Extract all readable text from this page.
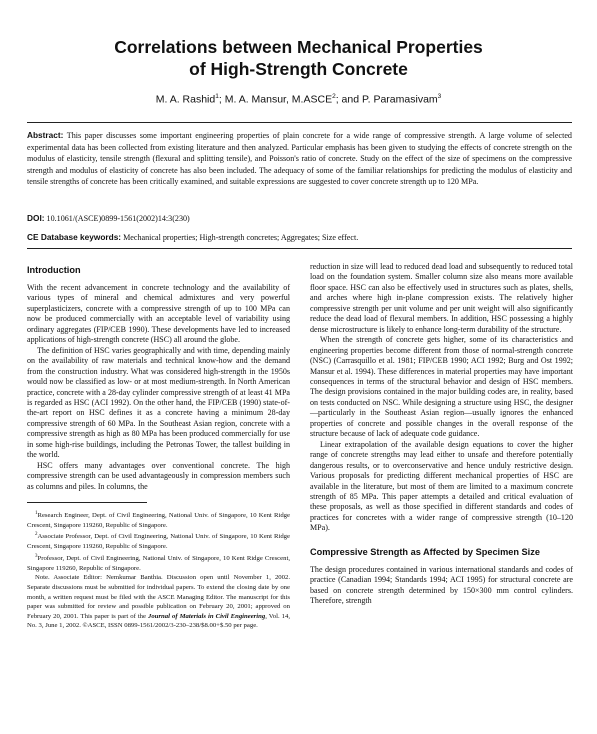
Correlations between Mechanical Properties
of High-Strength Concrete
M. A. Rashid$^1$; M. A. Mansur, M.ASCE$^2$; and P. Paramasivam$^3$
Abstract: This paper discusses some important engineering properties of plain concrete for a wide range of compressive strength. A large volume of selected experimental data has been collected from existing literature and then analyzed. Particular emphasis has been given to studying the effects of concrete strength on the modulus of elasticity, tensile strength (flexural and splitting tensile), and Poisson's ratio of concrete. Study on the effect of the size of specimens on the compressive strength and modulus of elasticity of concrete has also been included. The adequacy of some of the familiar relationships for predicting the modulus of elasticity and tensile strengths of concrete has been critically examined, and suitable expressions are suggested to cover concrete strength up to 120 MPa.
DOI: 10.1061/(ASCE)0899-1561(2002)14:3(230)
CE Database keywords: Mechanical properties; High-strength concretes; Aggregates; Size effect.
Introduction

With the recent advancement in concrete technology and the availability of various types of mineral and chemical admixtures and very powerful superplasticizers, concrete with a compressive strength of up to 100 MPa can now be produced commercially with an acceptable level of variability using ordinary aggregates (FIP/CEB 1990). These developments have led to increased applications of high-strength concrete (HSC) all around the globe.

The definition of HSC varies geographically and with time, depending mainly on the availability of raw materials and technical know-how and the demand from the construction industry. What was considered high-strength in the 1950s would now be classified as low- or at most medium-strength. In North American practice, concrete with a 28-day cylinder compressive strength of at least 41 MPa is regarded as HSC (ACI 1992). On the other hand, the FIP/CEB (1990) state-of-the-art report on HSC defines it as a concrete having a minimum 28-day compressive strength of 60 MPa. In the Southeast Asian region, concrete with a compressive strength as high as 80 MPa has been produced commercially for use in some high-rise buildings, including the Petronas Tower, the tallest building in the world.

HSC offers many advantages over conventional concrete. The high compressive strength can be used advantageously in compression members such as columns and piles. In columns, the

$^1$Research Engineer, Dept. of Civil Engineering, National Univ. of Singapore, 10 Kent Ridge Crescent, Singapore 119260, Republic of Singapore.

$^2$Associate Professor, Dept. of Civil Engineering, National Univ. of Singapore, 10 Kent Ridge Crescent, Singapore 119260, Republic of Singapore.

$^3$Professor, Dept. of Civil Engineering, National Univ. of Singapore, 10 Kent Ridge Crescent, Singapore 119260, Republic of Singapore.

Note. Associate Editor: Nemkumar Banthia. Discussion open until November 1, 2002. Separate discussions must be submitted for individual papers. To extend the closing date by one month, a written request must be filed with the ASCE Managing Editor. The manuscript for this paper was submitted for review and possible publication on February 20, 2001; approved on February 20, 2001. This paper is part of the Journal of Materials in Civil Engineering, Vol. 14, No. 3, June 1, 2002. ©ASCE, ISSN 0899-1561/2002/3-230–238/$8.00+$.50 per page.

reduction in size will lead to reduced dead load and subsequently to reduced total load on the foundation system. Smaller column size also means more available floor space. HSC can also be effectively used in structures such as plates, shells, and arches where high in-plane compression exists. The relatively higher compressive strength per unit volume and per unit weight will also significantly reduce the dead load of flexural members. In addition, HSC possessing a highly dense microstructure is likely to enhance long-term durability of the structure.

When the strength of concrete gets higher, some of its characteristics and engineering properties become different from those of normal-strength concrete (NSC) (Carrasquillo et al. 1981; FIP/CEB 1990; ACI 1992; Burg and Ost 1992; Mansur et al. 1994). These differences in material properties may have important consequences in terms of the structural behavior and design of HSC members. The design provisions contained in the major building codes are, in reality, based on tests conducted on NSC. While designing a structure using HSC, the designer—particularly in the Southeast Asian region—usually ignores the enhanced properties of concrete and possible changes in the overall response of the structure because of lack of adequate code guidance.

Linear extrapolation of the available design equations to cover the higher range of concrete strengths may lead either to unsafe and therefore potentially dangerous results, or to overconservative and hence unduly restrictive design. Various proposals for predicting different mechanical properties of HSC are available in the literature, but most of them are limited to a maximum concrete strength of 85 MPa. This paper attempts a detailed and critical evaluation of these proposals, as well as those specified in different standards and codes of practices for concretes with a wider range of compressive strength (10–120 MPa).

Compressive Strength as Affected by Specimen Size

The design procedures contained in various international standards and codes of practice (Canadian 1994; Standards 1994; ACI 1995) for structural concrete are based on concrete strength determined by 150×300 mm control cylinders. Therefore, strength
